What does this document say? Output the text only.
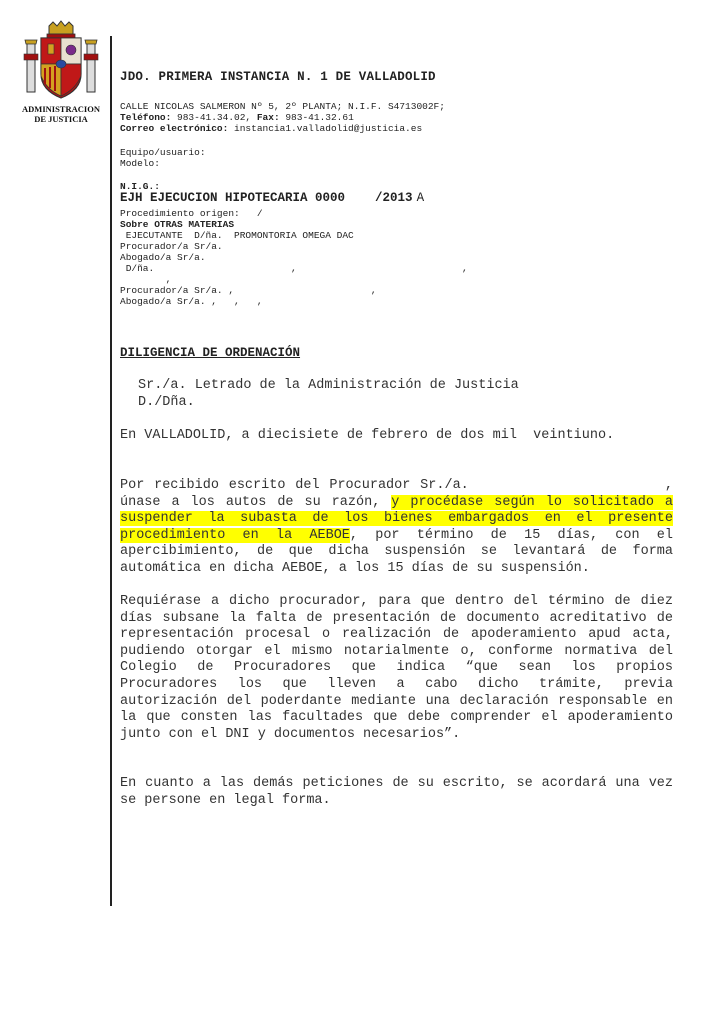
ADMINISTRACION
DE JUSTICIA
JDO. PRIMERA INSTANCIA N. 1 DE VALLADOLID
CALLE NICOLAS SALMERON Nº 5, 2º PLANTA; N.I.F. S4713002F;
Teléfono: 983-41.34.02, Fax: 983-41.32.61
Correo electrónico: instancia1.valladolid@justicia.es
Equipo/usuario:
Modelo:
N.I.G.:
EJH EJECUCION HIPOTECARIA 0000    /2013 A
Procedimiento origen:   /
Sobre OTRAS MATERIAS
EJECUTANTE  D/ña.  PROMONTORIA OMEGA DAC
Procurador/a Sr/a.
Abogado/a Sr/a.
D/ña.                        ,                             ,
,
Procurador/a Sr/a. ,                        ,
Abogado/a Sr/a. ,   ,   ,
DILIGENCIA DE ORDENACIÓN
Sr./a. Letrado de la Administración de Justicia
D./Dña.
En VALLADOLID, a diecisiete de febrero de dos mil  veintiuno.
Por recibido escrito del Procurador Sr./a.                    , únase a los autos de su razón, y procédase según lo solicitado a suspender la subasta de los bienes embargados en el presente procedimiento en la AEBOE, por término de 15 días, con el apercibimiento, de que dicha suspensión se levantará de forma automática en dicha AEBOE, a los 15 días de su suspensión.
Requiérase a dicho procurador, para que dentro del término de diez días subsane la falta de presentación de documento acreditativo de representación procesal o realización de apoderamiento apud acta, pudiendo otorgar el mismo notarialmente o, conforme normativa del Colegio de Procuradores que indica “que sean los propios Procuradores los que lleven a cabo dicho trámite, previa autorización del poderdante mediante una declaración responsable en la que consten las facultades que debe comprender el apoderamiento junto con el DNI y documentos necesarios”.
En cuanto a las demás peticiones de su escrito, se acordará una vez se persone en legal forma.
